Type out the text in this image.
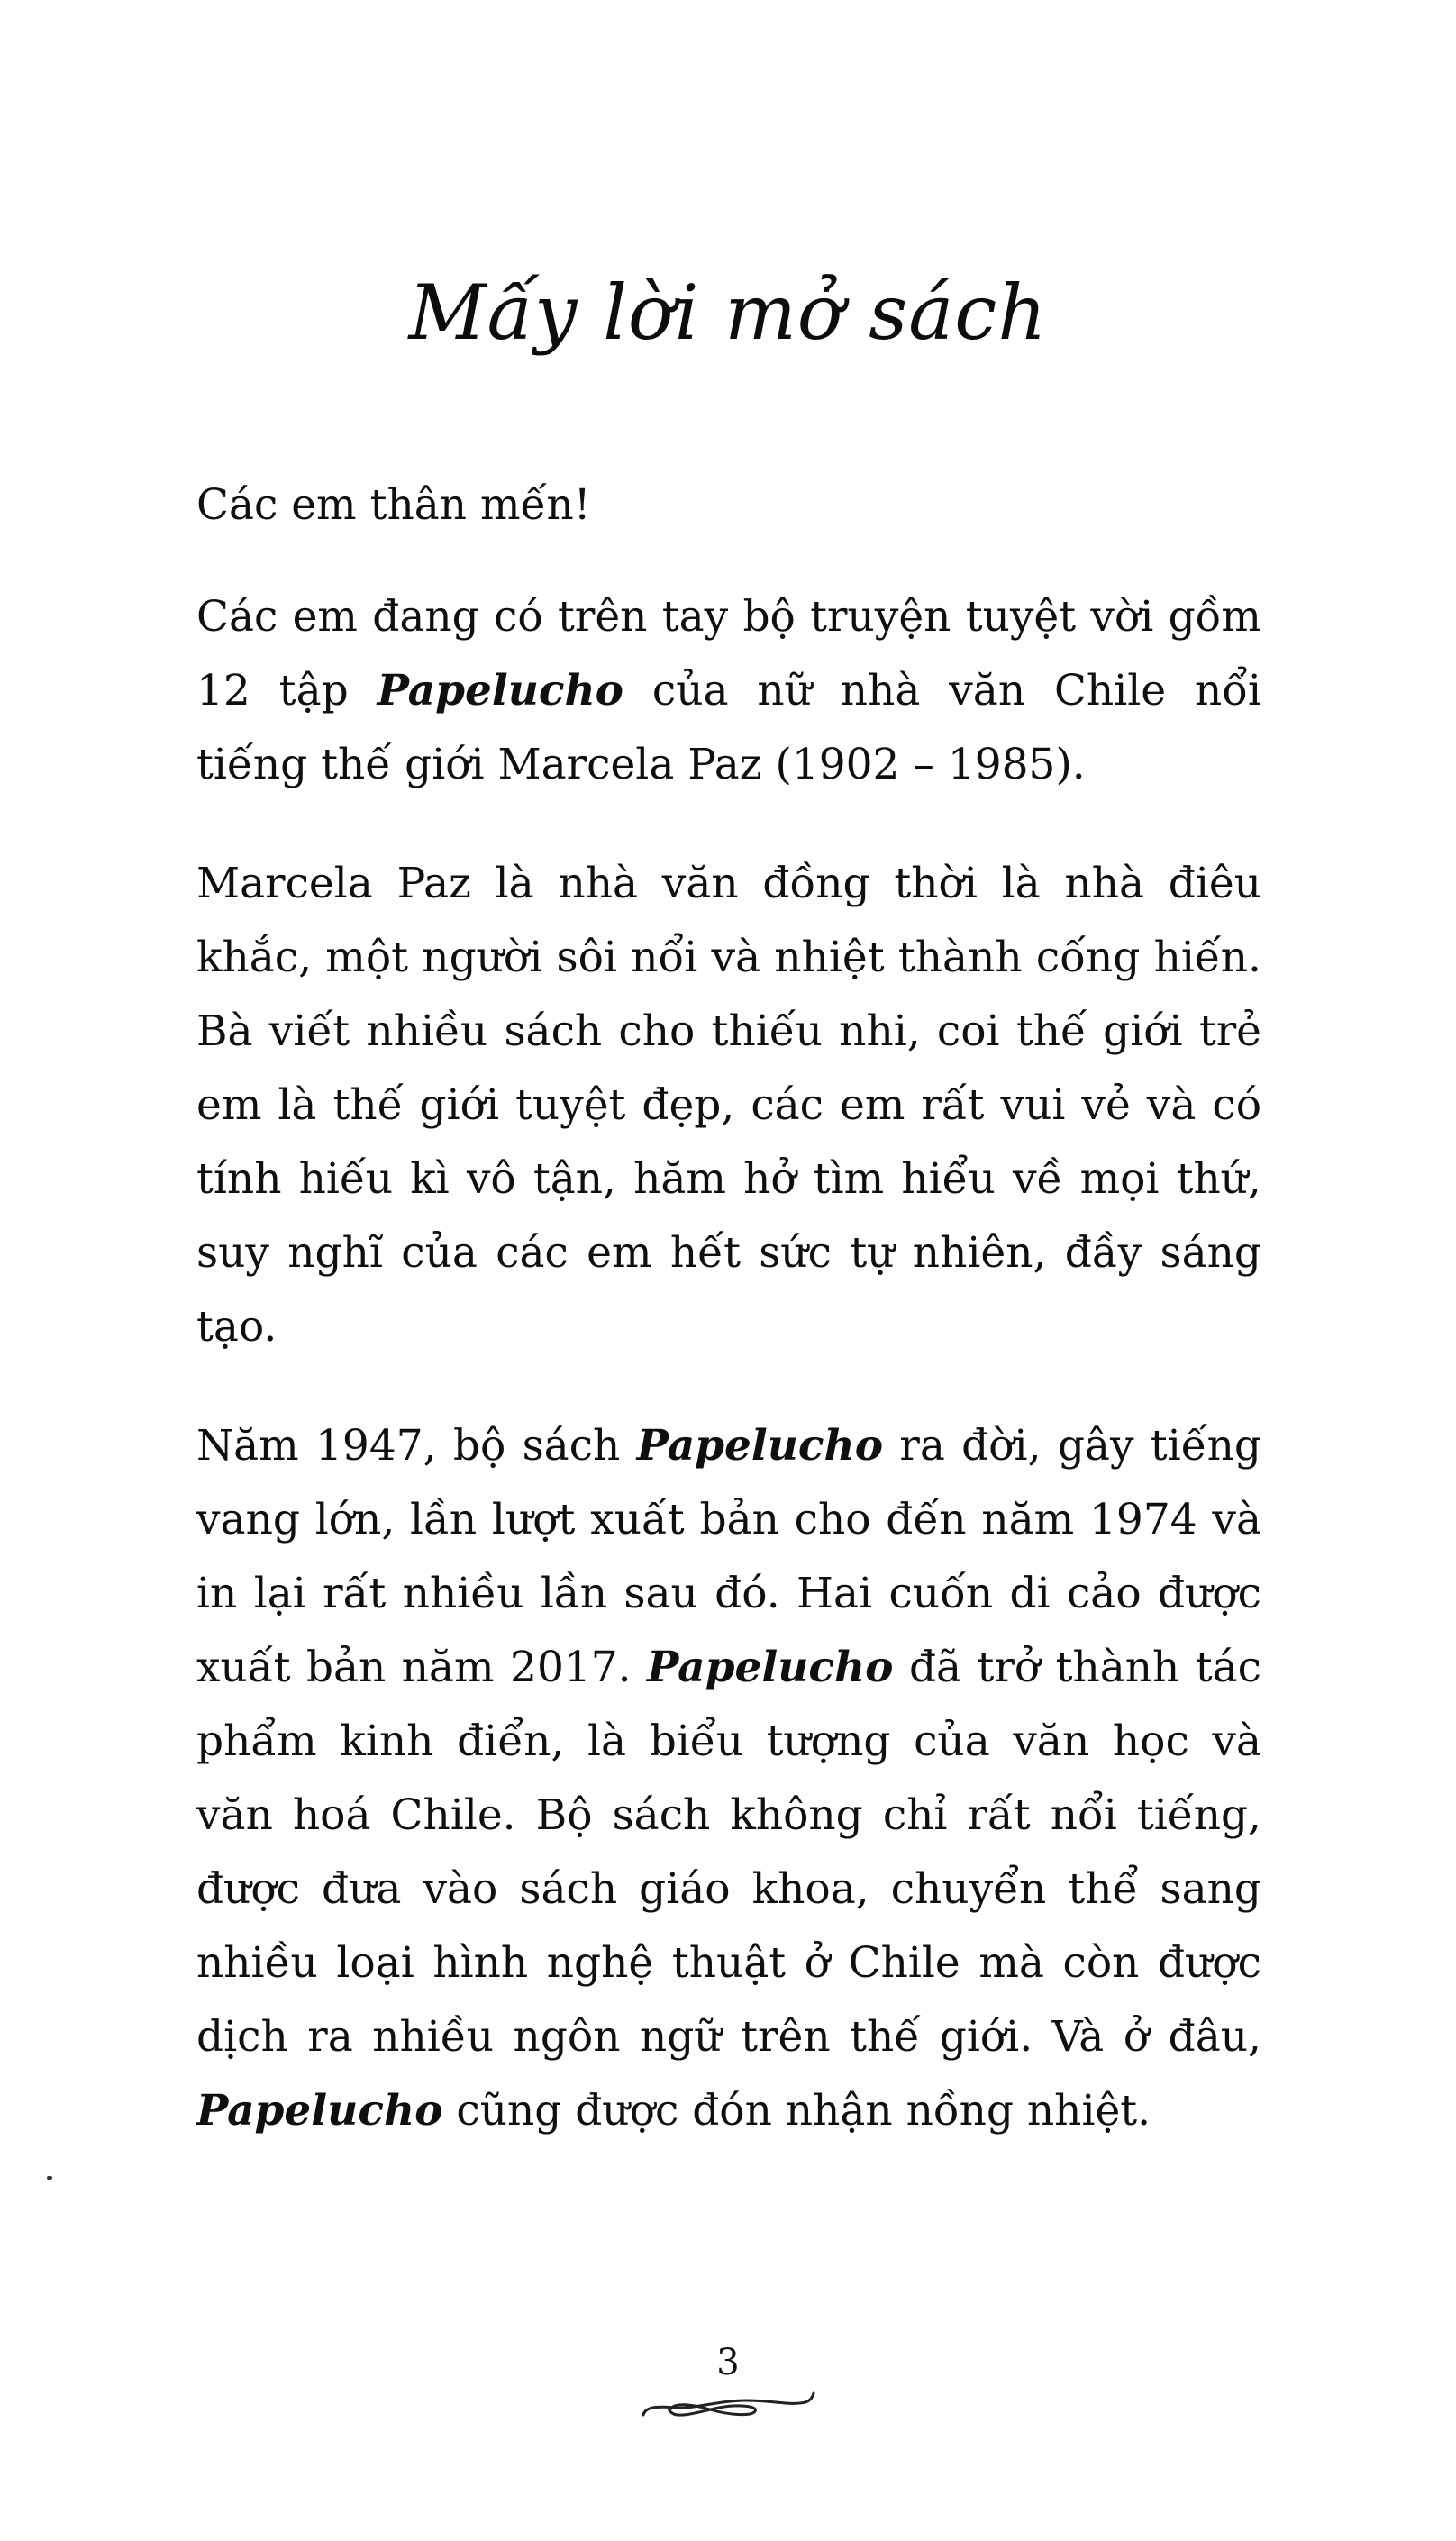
Mấy lời mở sách

Các em thân mến!

Các em đang có trên tay bộ truyện tuyệt vời gồm 12 tập Papelucho của nữ nhà văn Chile nổi tiếng thế giới Marcela Paz (1902 – 1985).

Marcela Paz là nhà văn đồng thời là nhà điêu khắc, một người sôi nổi và nhiệt thành cống hiến. Bà viết nhiều sách cho thiếu nhi, coi thế giới trẻ em là thế giới tuyệt đẹp, các em rất vui vẻ và có tính hiếu kì vô tận, hăm hở tìm hiểu về mọi thứ, suy nghĩ của các em hết sức tự nhiên, đầy sáng tạo.

Năm 1947, bộ sách Papelucho ra đời, gây tiếng vang lớn, lần lượt xuất bản cho đến năm 1974 và in lại rất nhiều lần sau đó. Hai cuốn di cảo được xuất bản năm 2017. Papelucho đã trở thành tác phẩm kinh điển, là biểu tượng của văn học và văn hoá Chile. Bộ sách không chỉ rất nổi tiếng, được đưa vào sách giáo khoa, chuyển thể sang nhiều loại hình nghệ thuật ở Chile mà còn được dịch ra nhiều ngôn ngữ trên thế giới. Và ở đâu, Papelucho cũng được đón nhận nồng nhiệt.

3
